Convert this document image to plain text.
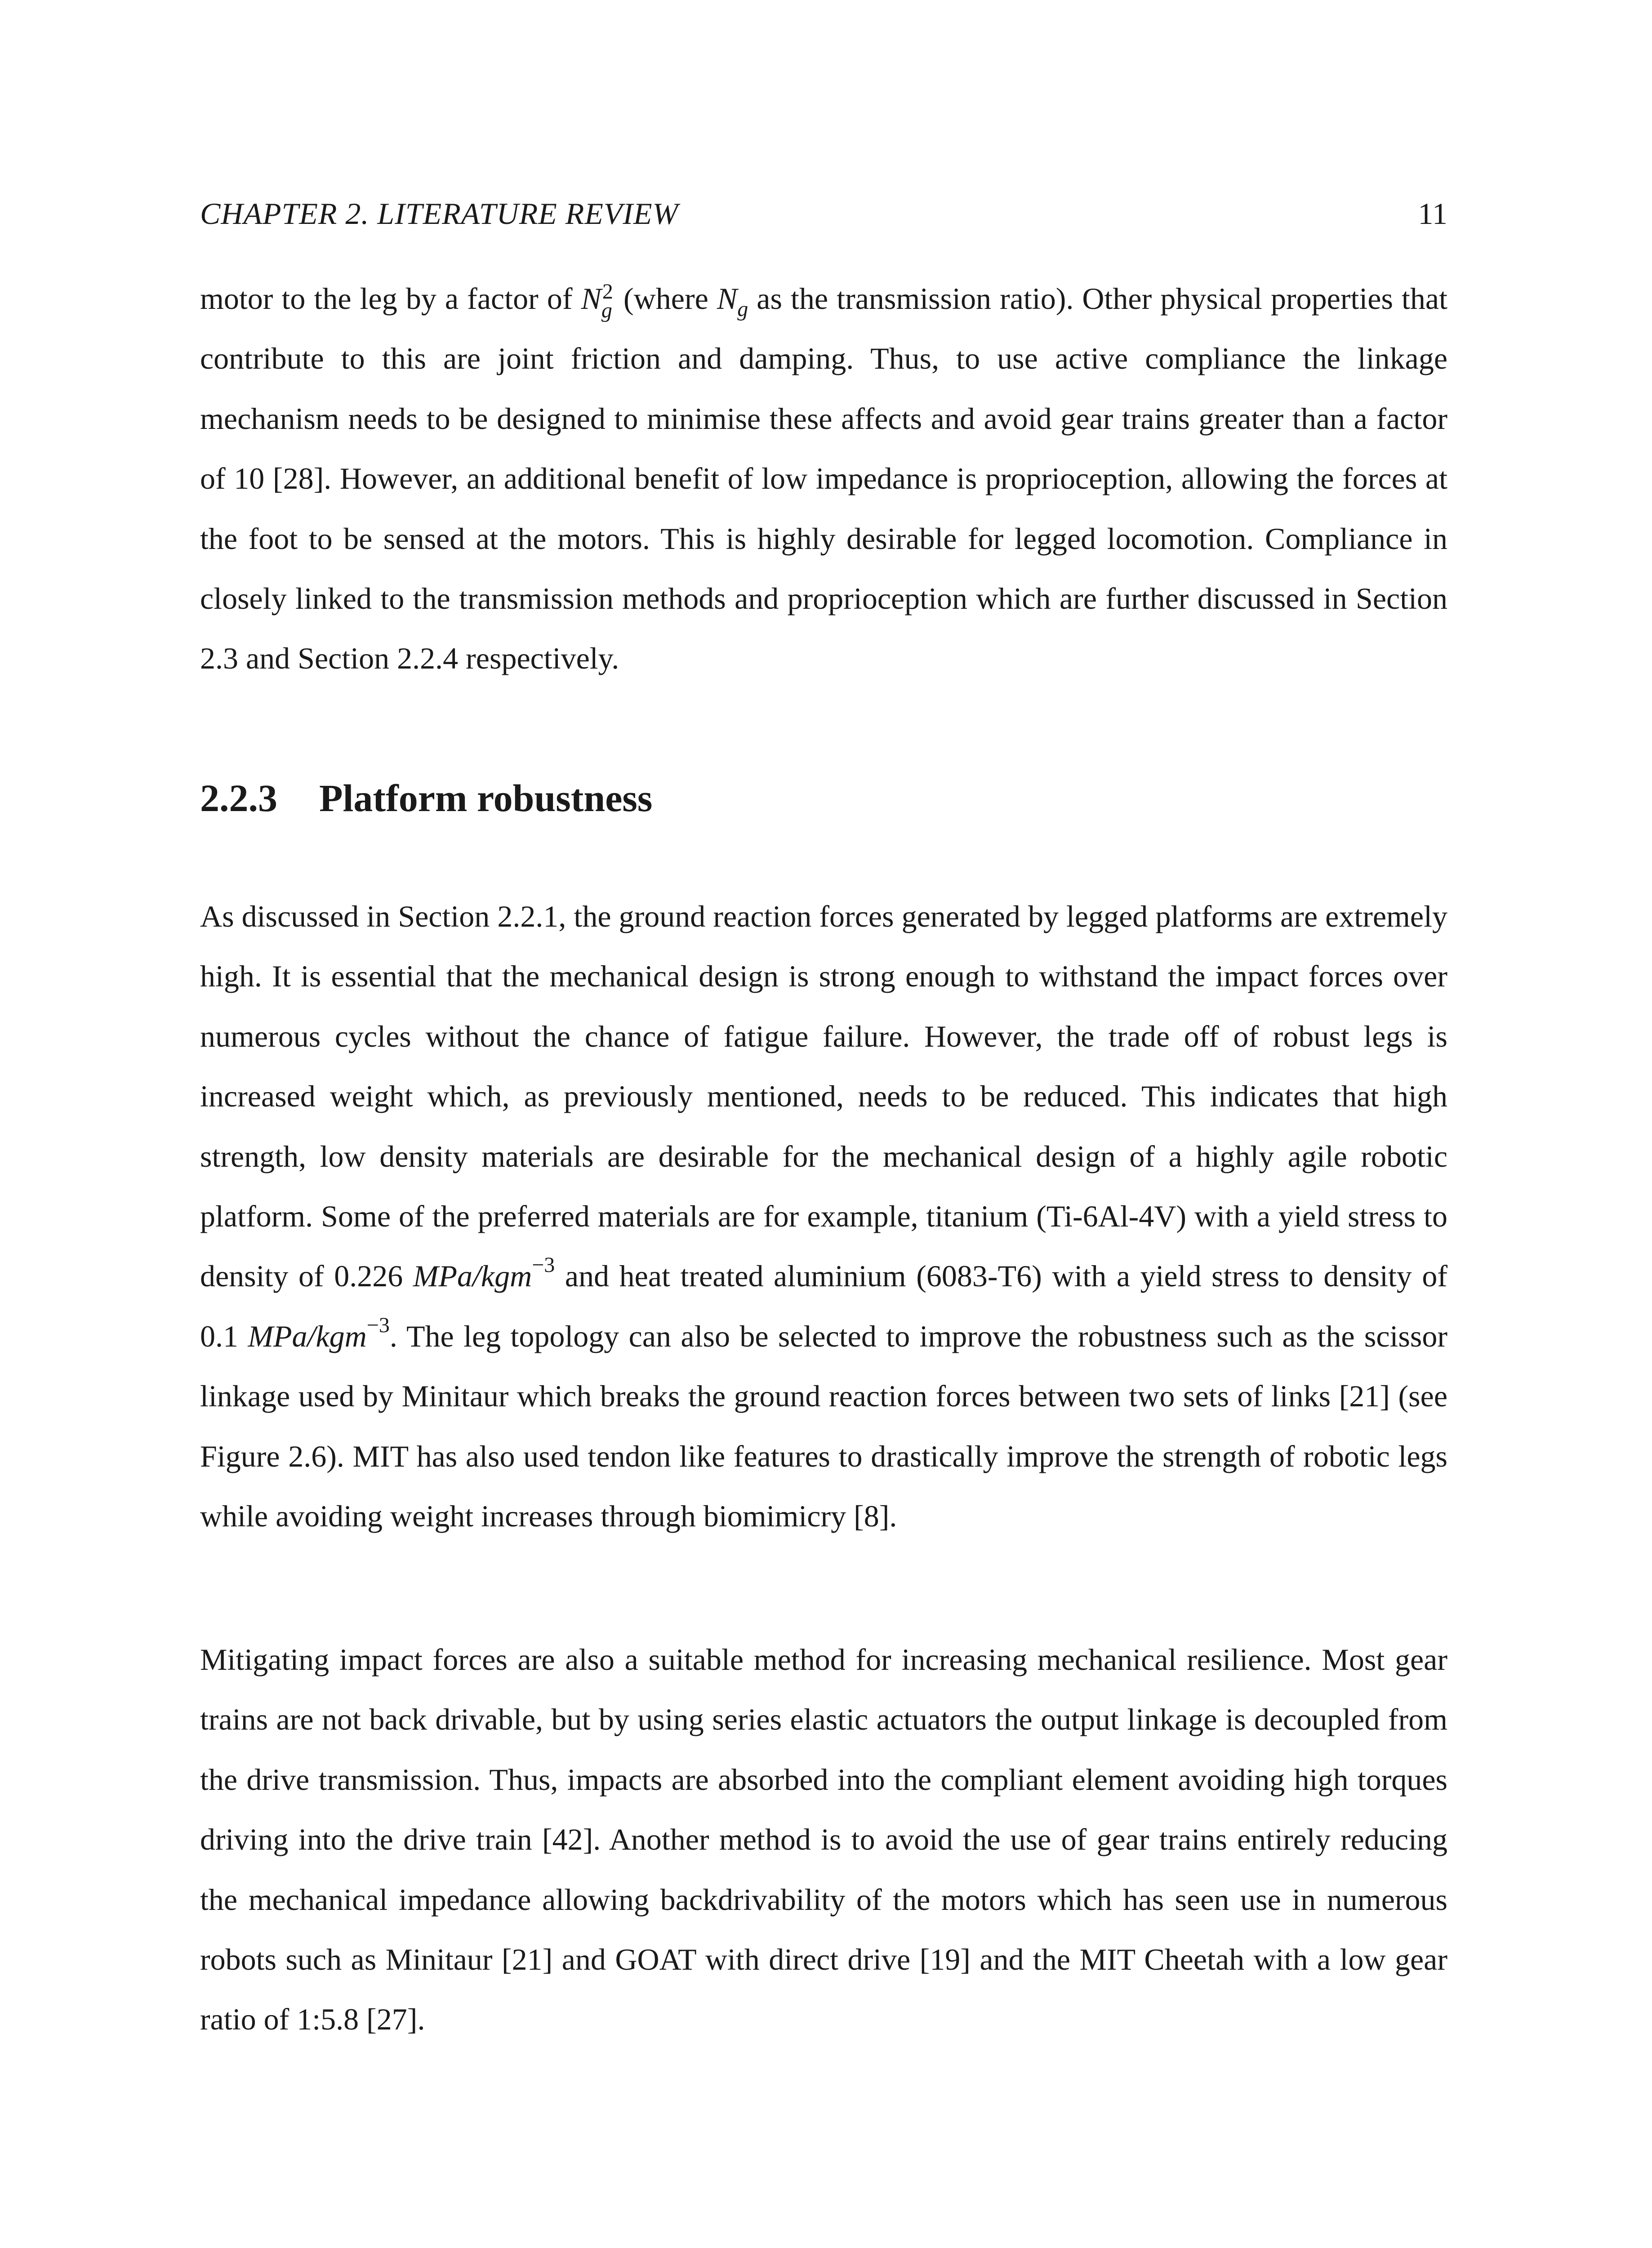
CHAPTER 2. LITERATURE REVIEW	11

motor to the leg by a factor of N 2
g (where $N_g$ as the transmission ratio). Other physical properties that contribute to this are joint friction and damping. Thus, to use active compliance the linkage mechanism needs to be designed to minimise these affects and avoid gear trains greater than a factor of 10 [28]. However, an additional benefit of low impedance is proprioception, allowing the forces at the foot to be sensed at the motors. This is highly desirable for legged locomotion. Compliance in closely linked to the transmission methods and proprioception which are further discussed in Section 2.3 and Section 2.2.4 respectively.

2.2.3 Platform robustness

As discussed in Section 2.2.1, the ground reaction forces generated by legged platforms are extremely high. It is essential that the mechanical design is strong enough to withstand the impact forces over numerous cycles without the chance of fatigue failure. However, the trade off of robust legs is increased weight which, as previously mentioned, needs to be reduced. This indicates that high strength, low density materials are desirable for the mechanical design of a highly agile robotic platform. Some of the preferred materials are for example, titanium (Ti-6Al-4V) with a yield stress to density of 0.226 MPa/kgm$^{-3}$ and heat treated aluminium (6083-T6) with a yield stress to density of 0.1 MPa/kgm$^{-3}$. The leg topology can also be selected to improve the robustness such as the scissor linkage used by Minitaur which breaks the ground reaction forces between two sets of links [21] (see Figure 2.6). MIT has also used tendon like features to drastically improve the strength of robotic legs while avoiding weight increases through biomimicry [8].

Mitigating impact forces are also a suitable method for increasing mechanical resilience. Most gear trains are not back drivable, but by using series elastic actuators the output linkage is decoupled from the drive transmission. Thus, impacts are absorbed into the compliant element avoiding high torques driving into the drive train [42]. Another method is to avoid the use of gear trains entirely reducing the mechanical impedance allowing backdrivability of the motors which has seen use in numerous robots such as Minitaur [21] and GOAT with direct drive [19] and the MIT Cheetah with a low gear ratio of 1:5.8 [27].
